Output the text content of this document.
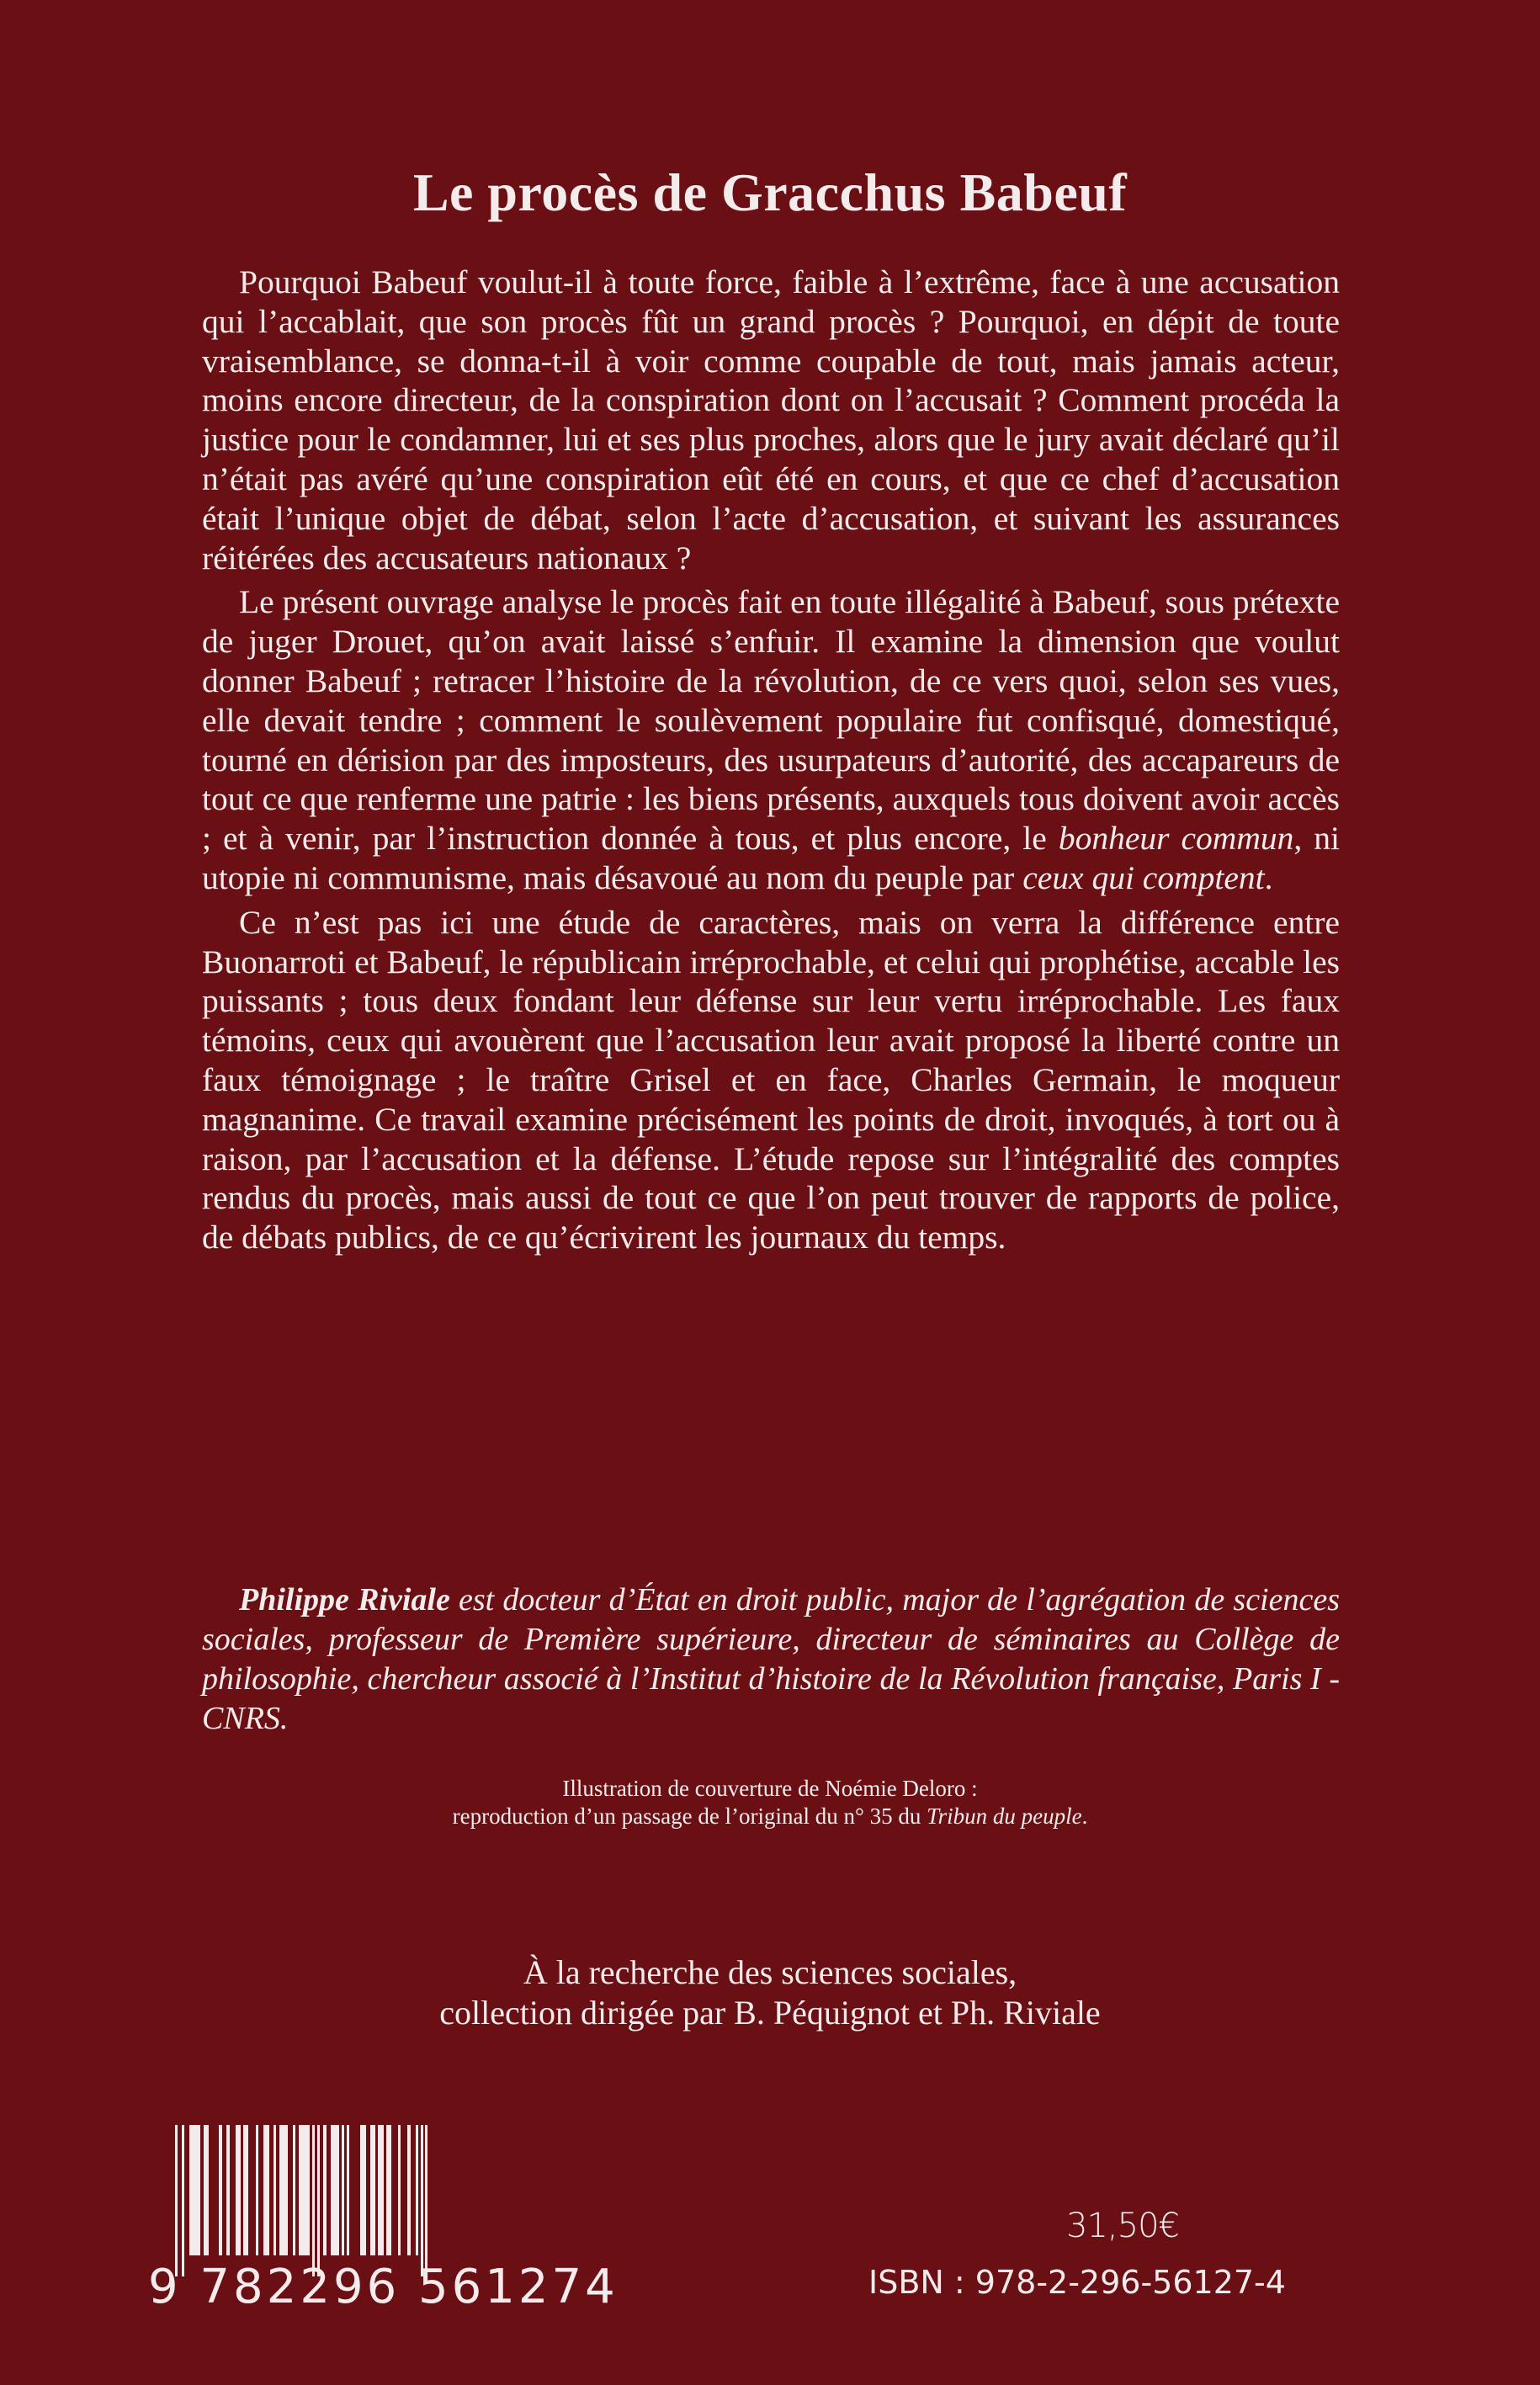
Le procès de Gracchus Babeuf

Pourquoi Babeuf voulut-il à toute force, faible à l’extrême, face à une accusation qui l’accablait, que son procès fût un grand procès ? Pourquoi, en dépit de toute vraisemblance, se donna-t-il à voir comme coupable de tout, mais jamais acteur, moins encore directeur, de la conspiration dont on l’accusait ? Comment procéda la justice pour le condamner, lui et ses plus proches, alors que le jury avait déclaré qu’il n’était pas avéré qu’une conspiration eût été en cours, et que ce chef d’accusation était l’unique objet de débat, selon l’acte d’accusation, et suivant les assurances réitérées des accusateurs nationaux ?

Le présent ouvrage analyse le procès fait en toute illégalité à Babeuf, sous prétexte de juger Drouet, qu’on avait laissé s’enfuir. Il examine la dimension que voulut donner Babeuf ; retracer l’histoire de la révolution, de ce vers quoi, selon ses vues, elle devait tendre ; comment le soulèvement populaire fut confisqué, domestiqué, tourné en dérision par des imposteurs, des usurpateurs d’autorité, des accapareurs de tout ce que renferme une patrie : les biens présents, auxquels tous doivent avoir accès ; et à venir, par l’instruction donnée à tous, et plus encore, le bonheur commun, ni utopie ni communisme, mais désavoué au nom du peuple par ceux qui comptent.

Ce n’est pas ici une étude de caractères, mais on verra la différence entre Buonarroti et Babeuf, le républicain irréprochable, et celui qui prophétise, accable les puissants ; tous deux fondant leur défense sur leur vertu irréprochable. Les faux témoins, ceux qui avouèrent que l’accusation leur avait proposé la liberté contre un faux témoignage ; le traître Grisel et en face, Charles Germain, le moqueur magnanime. Ce travail examine précisément les points de droit, invoqués, à tort ou à raison, par l’accusation et la défense. L’étude repose sur l’intégralité des comptes rendus du procès, mais aussi de tout ce que l’on peut trouver de rapports de police, de débats publics, de ce qu’écrivirent les journaux du temps.

Philippe Riviale est docteur d’État en droit public, major de l’agrégation de sciences sociales, professeur de Première supérieure, directeur de séminaires au Collège de philosophie, chercheur associé à l’Institut d’histoire de la Révolution française, Paris I - CNRS.

Illustration de couverture de Noémie Deloro :
reproduction d’un passage de l’original du n° 35 du Tribun du peuple.
À la recherche des sciences sociales,
collection dirigée par B. Péquignot et Ph. Riviale
9 782296 561274
31,50€
ISBN : 978-2-296-56127-4
